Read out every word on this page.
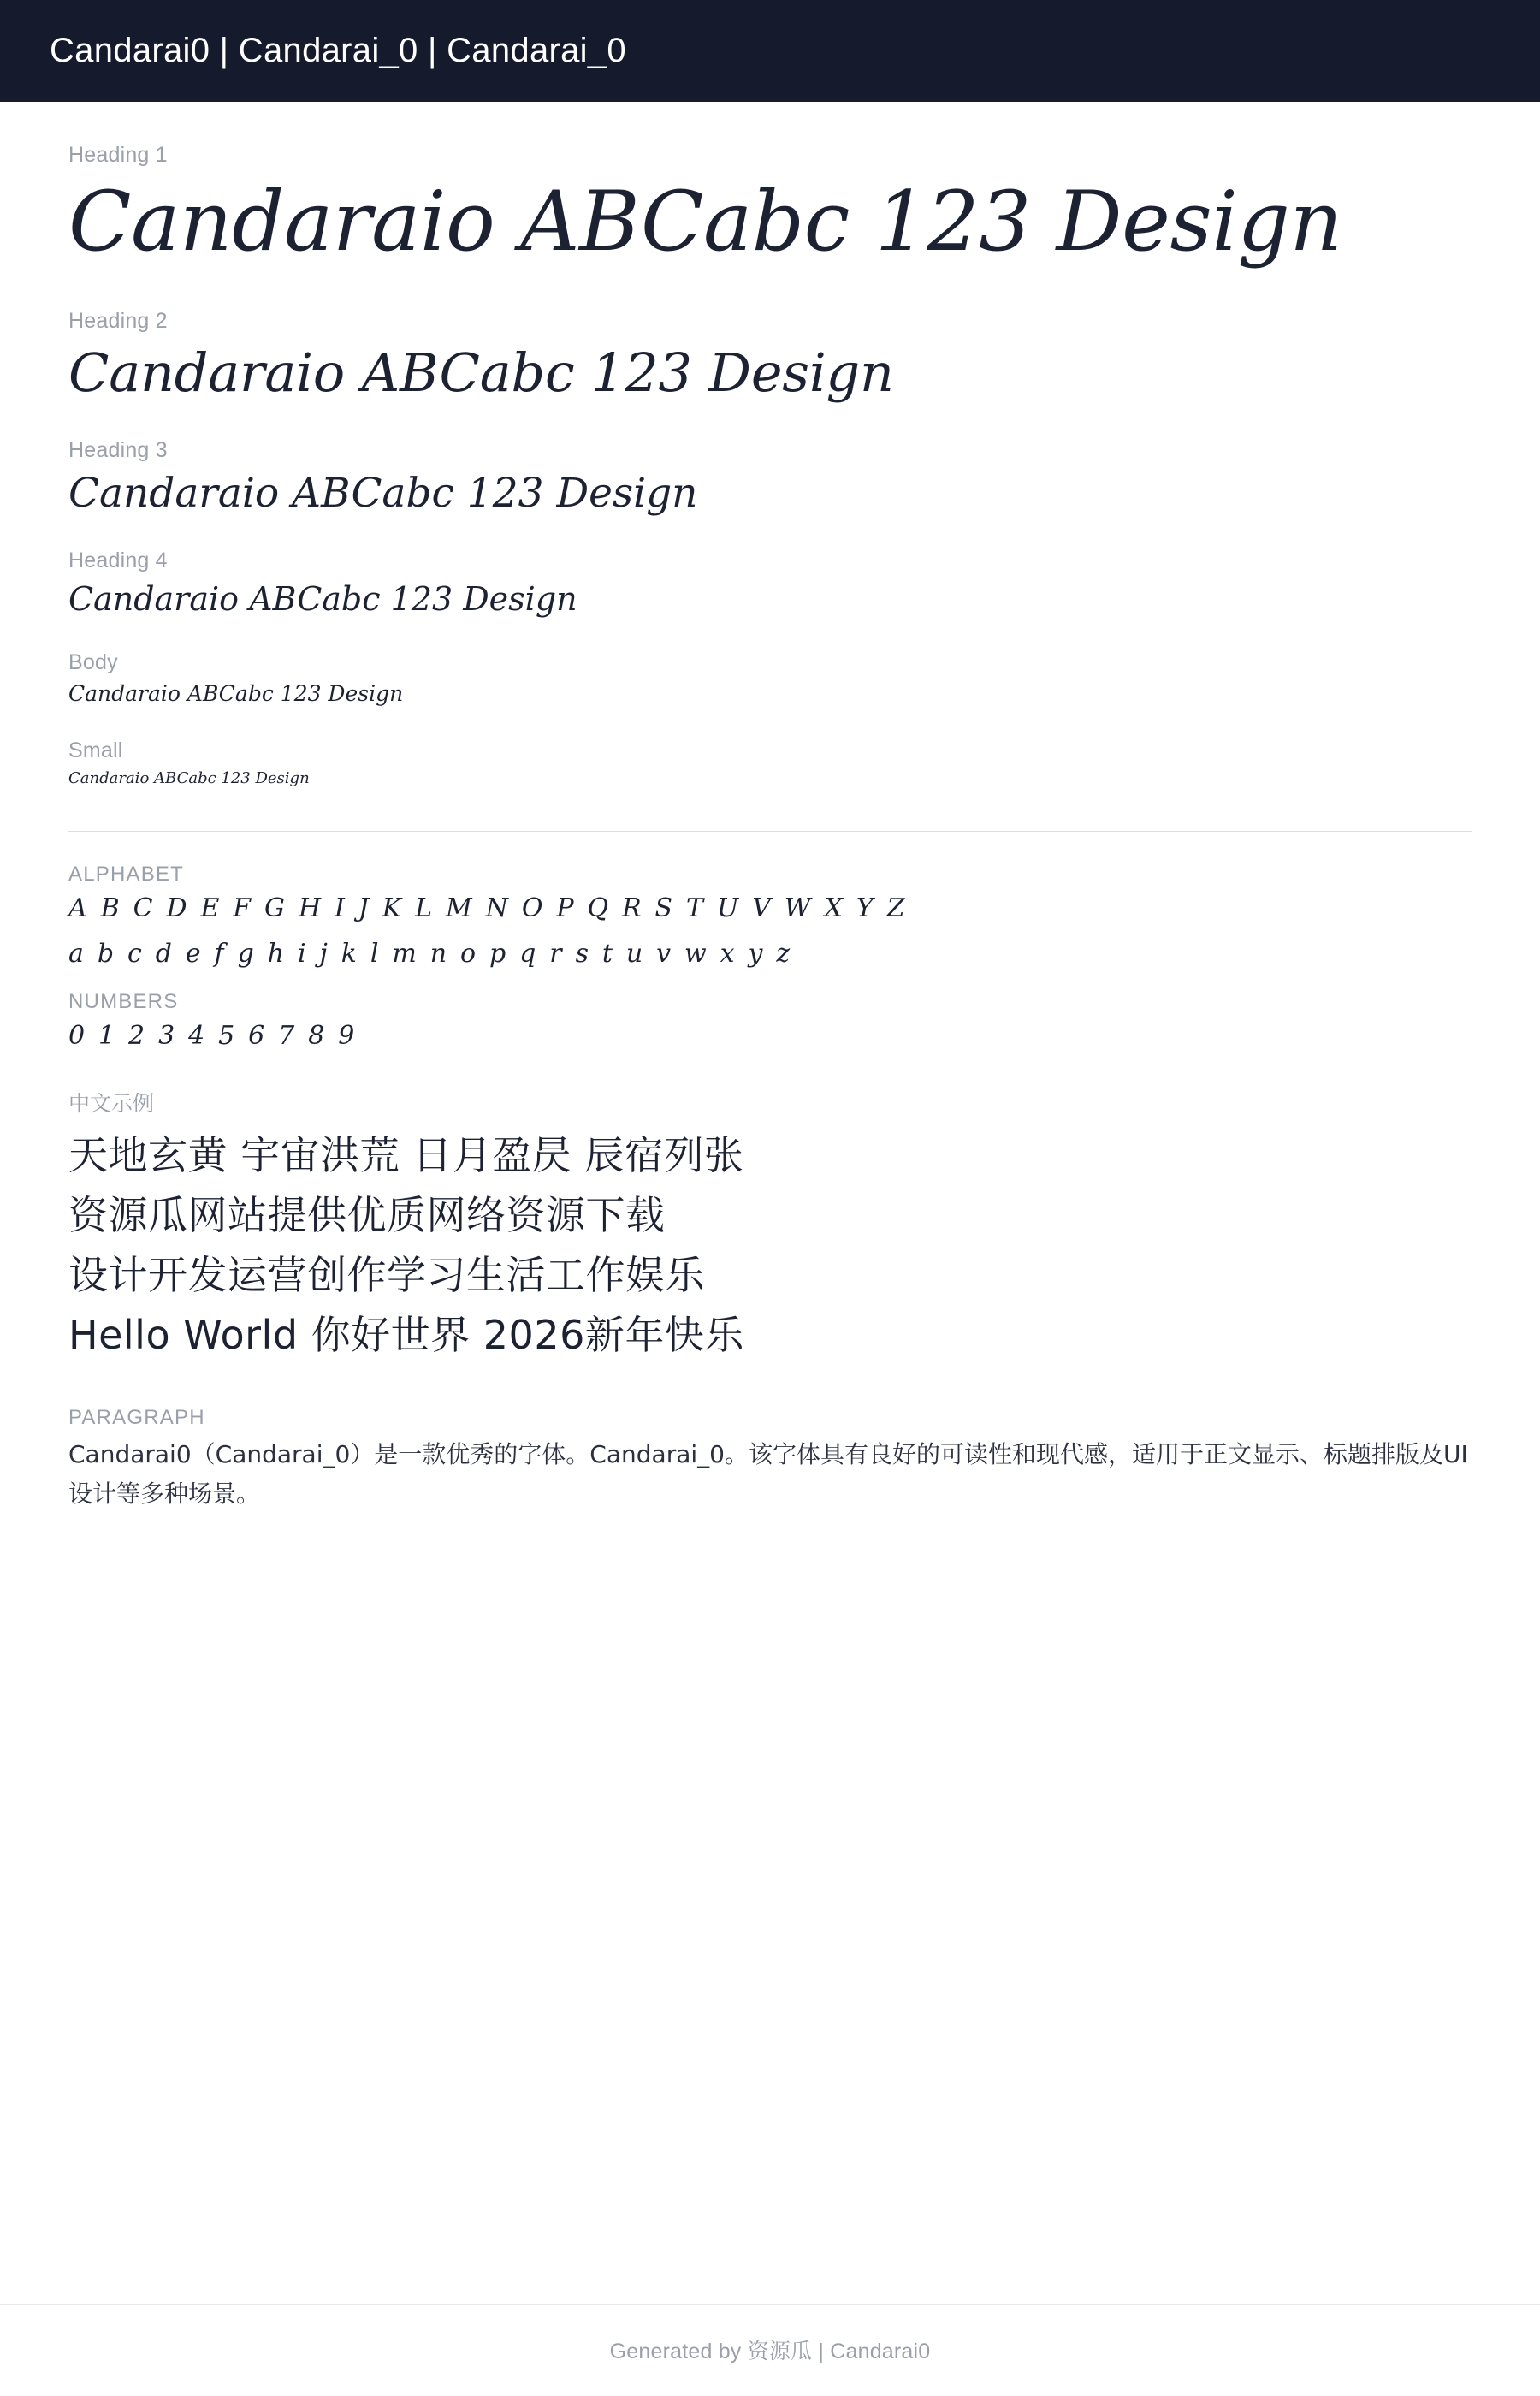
Candarai0 | Candarai_0 | Candarai_0
Heading 1
Candaraio ABCabc 123 Design
Heading 2
Candaraio ABCabc 123 Design
Heading 3
Candaraio ABCabc 123 Design
Heading 4
Candaraio ABCabc 123 Design
Body
Candaraio ABCabc 123 Design
Small
Candaraio ABCabc 123 Design
ALPHABET
A B C D E F G H I J K L M N O P Q R S T U V W X Y Z
a b c d e f g h i j k l m n o p q r s t u v w x y z
NUMBERS
0 1 2 3 4 5 6 7 8 9
中文示例
天地玄黄 宇宙洪荒 日月盈昃 辰宿列张
资源瓜网站提供优质网络资源下载
设计开发运营创作学习生活工作娱乐
Hello World 你好世界 2026新年快乐
PARAGRAPH

Candarai0（Candarai_0）是一款优秀的字体。Candarai_0。该字体具有良好的可读性和现代感，适用于正文显示、标题排版及UI设计等多种场景。

Generated by 资源瓜 | Candarai0
